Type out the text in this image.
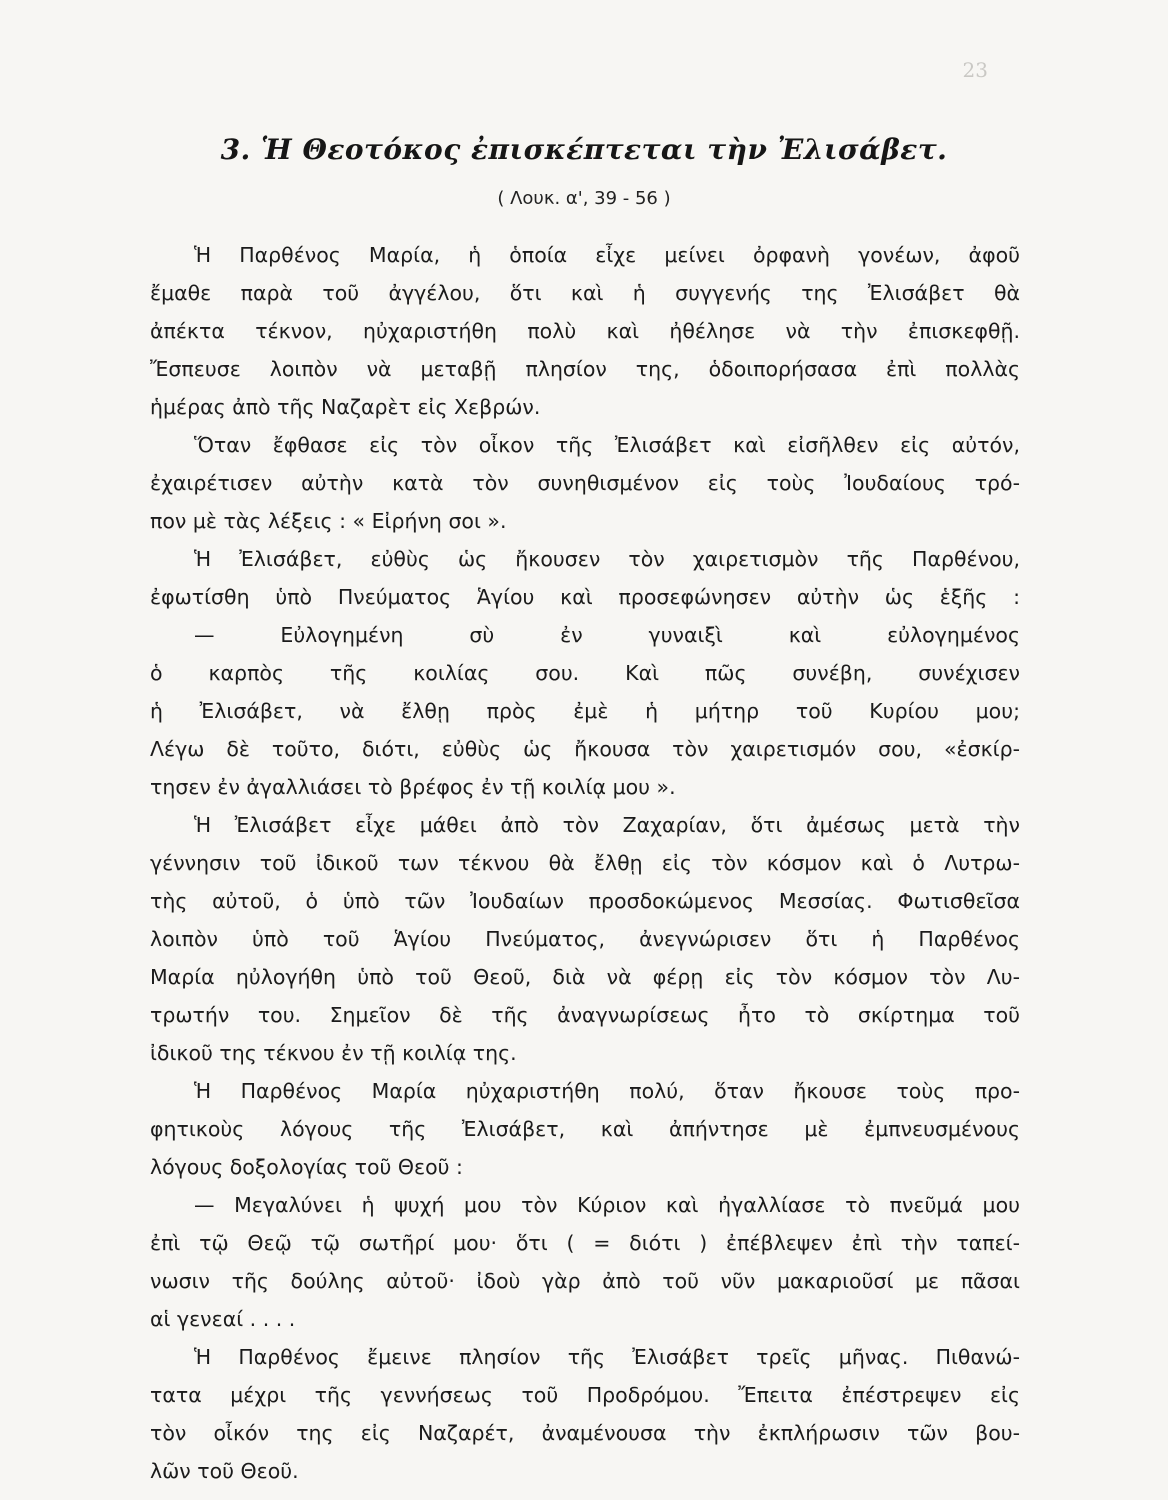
23
3. Ἡ Θεοτόκος ἐπισκέπτεται τὴν Ἐλισάβετ.
( Λουκ. α', 39 - 56 )
Ἡ Παρθένος Μαρία, ἡ ὁποία εἶχε μείνει ὀρφανὴ γονέων, ἀφοῦ
ἔμαθε παρὰ τοῦ ἀγγέλου, ὅτι καὶ ἡ συγγενής της Ἐλισάβετ θὰ
ἀπέκτα τέκνον, ηὐχαριστήθη πολὺ καὶ ἠθέλησε νὰ τὴν ἐπισκεφθῇ.
Ἔσπευσε λοιπὸν νὰ μεταβῇ πλησίον της, ὁδοιπορήσασα ἐπὶ πολλὰς
ἡμέρας ἀπὸ τῆς Ναζαρὲτ εἰς Χεβρών.
Ὅταν ἔφθασε εἰς τὸν οἶκον τῆς Ἐλισάβετ καὶ εἰσῆλθεν εἰς αὐτόν,
ἐχαιρέτισεν αὐτὴν κατὰ τὸν συνηθισμένον εἰς τοὺς Ἰουδαίους τρό-
πον μὲ τὰς λέξεις : « Εἰρήνη σοι ».
Ἡ Ἐλισάβετ, εὐθὺς ὡς ἤκουσεν τὸν χαιρετισμὸν τῆς Παρθένου,
ἐφωτίσθη ὑπὸ Πνεύματος Ἁγίου καὶ προσεφώνησεν αὐτὴν ὡς ἑξῆς :
— Εὐλογημένη σὺ ἐν γυναιξὶ καὶ εὐλογημένος
ὁ καρπὸς τῆς κοιλίας σου. Καὶ πῶς συνέβη, συνέχισεν
ἡ Ἐλισάβετ, νὰ ἔλθῃ πρὸς ἐμὲ ἡ μήτηρ τοῦ Κυρίου μου;
Λέγω δὲ τοῦτο, διότι, εὐθὺς ὡς ἤκουσα τὸν χαιρετισμόν σου, «ἐσκίρ-
τησεν ἐν ἀγαλλιάσει τὸ βρέφος ἐν τῇ κοιλίᾳ μου ».
Ἡ Ἐλισάβετ εἶχε μάθει ἀπὸ τὸν Ζαχαρίαν, ὅτι ἀμέσως μετὰ τὴν
γέννησιν τοῦ ἰδικοῦ των τέκνου θὰ ἔλθῃ εἰς τὸν κόσμον καὶ ὁ Λυτρω-
τὴς αὐτοῦ, ὁ ὑπὸ τῶν Ἰουδαίων προσδοκώμενος Μεσσίας. Φωτισθεῖσα
λοιπὸν ὑπὸ τοῦ Ἁγίου Πνεύματος, ἀνεγνώρισεν ὅτι ἡ Παρθένος
Μαρία ηὐλογήθη ὑπὸ τοῦ Θεοῦ, διὰ νὰ φέρῃ εἰς τὸν κόσμον τὸν Λυ-
τρωτήν του. Σημεῖον δὲ τῆς ἀναγνωρίσεως ἦτο τὸ σκίρτημα τοῦ
ἰδικοῦ της τέκνου ἐν τῇ κοιλίᾳ της.
Ἡ Παρθένος Μαρία ηὐχαριστήθη πολύ, ὅταν ἤκουσε τοὺς προ-
φητικοὺς λόγους τῆς Ἐλισάβετ, καὶ ἀπήντησε μὲ ἐμπνευσμένους
λόγους δοξολογίας τοῦ Θεοῦ :
— Μεγαλύνει ἡ ψυχή μου τὸν Κύριον καὶ ἠγαλλίασε τὸ πνεῦμά μου
ἐπὶ τῷ Θεῷ τῷ σωτῆρί μου· ὅτι ( = διότι ) ἐπέβλεψεν ἐπὶ τὴν ταπεί-
νωσιν τῆς δούλης αὐτοῦ· ἰδοὺ γὰρ ἀπὸ τοῦ νῦν μακαριοῦσί με πᾶσαι
αἱ γενεαί . . . .
Ἡ Παρθένος ἔμεινε πλησίον τῆς Ἐλισάβετ τρεῖς μῆνας. Πιθανώ-
τατα μέχρι τῆς γεννήσεως τοῦ Προδρόμου. Ἔπειτα ἐπέστρεψεν εἰς
τὸν οἶκόν της εἰς Ναζαρέτ, ἀναμένουσα τὴν ἐκπλήρωσιν τῶν βου-
λῶν τοῦ Θεοῦ.
